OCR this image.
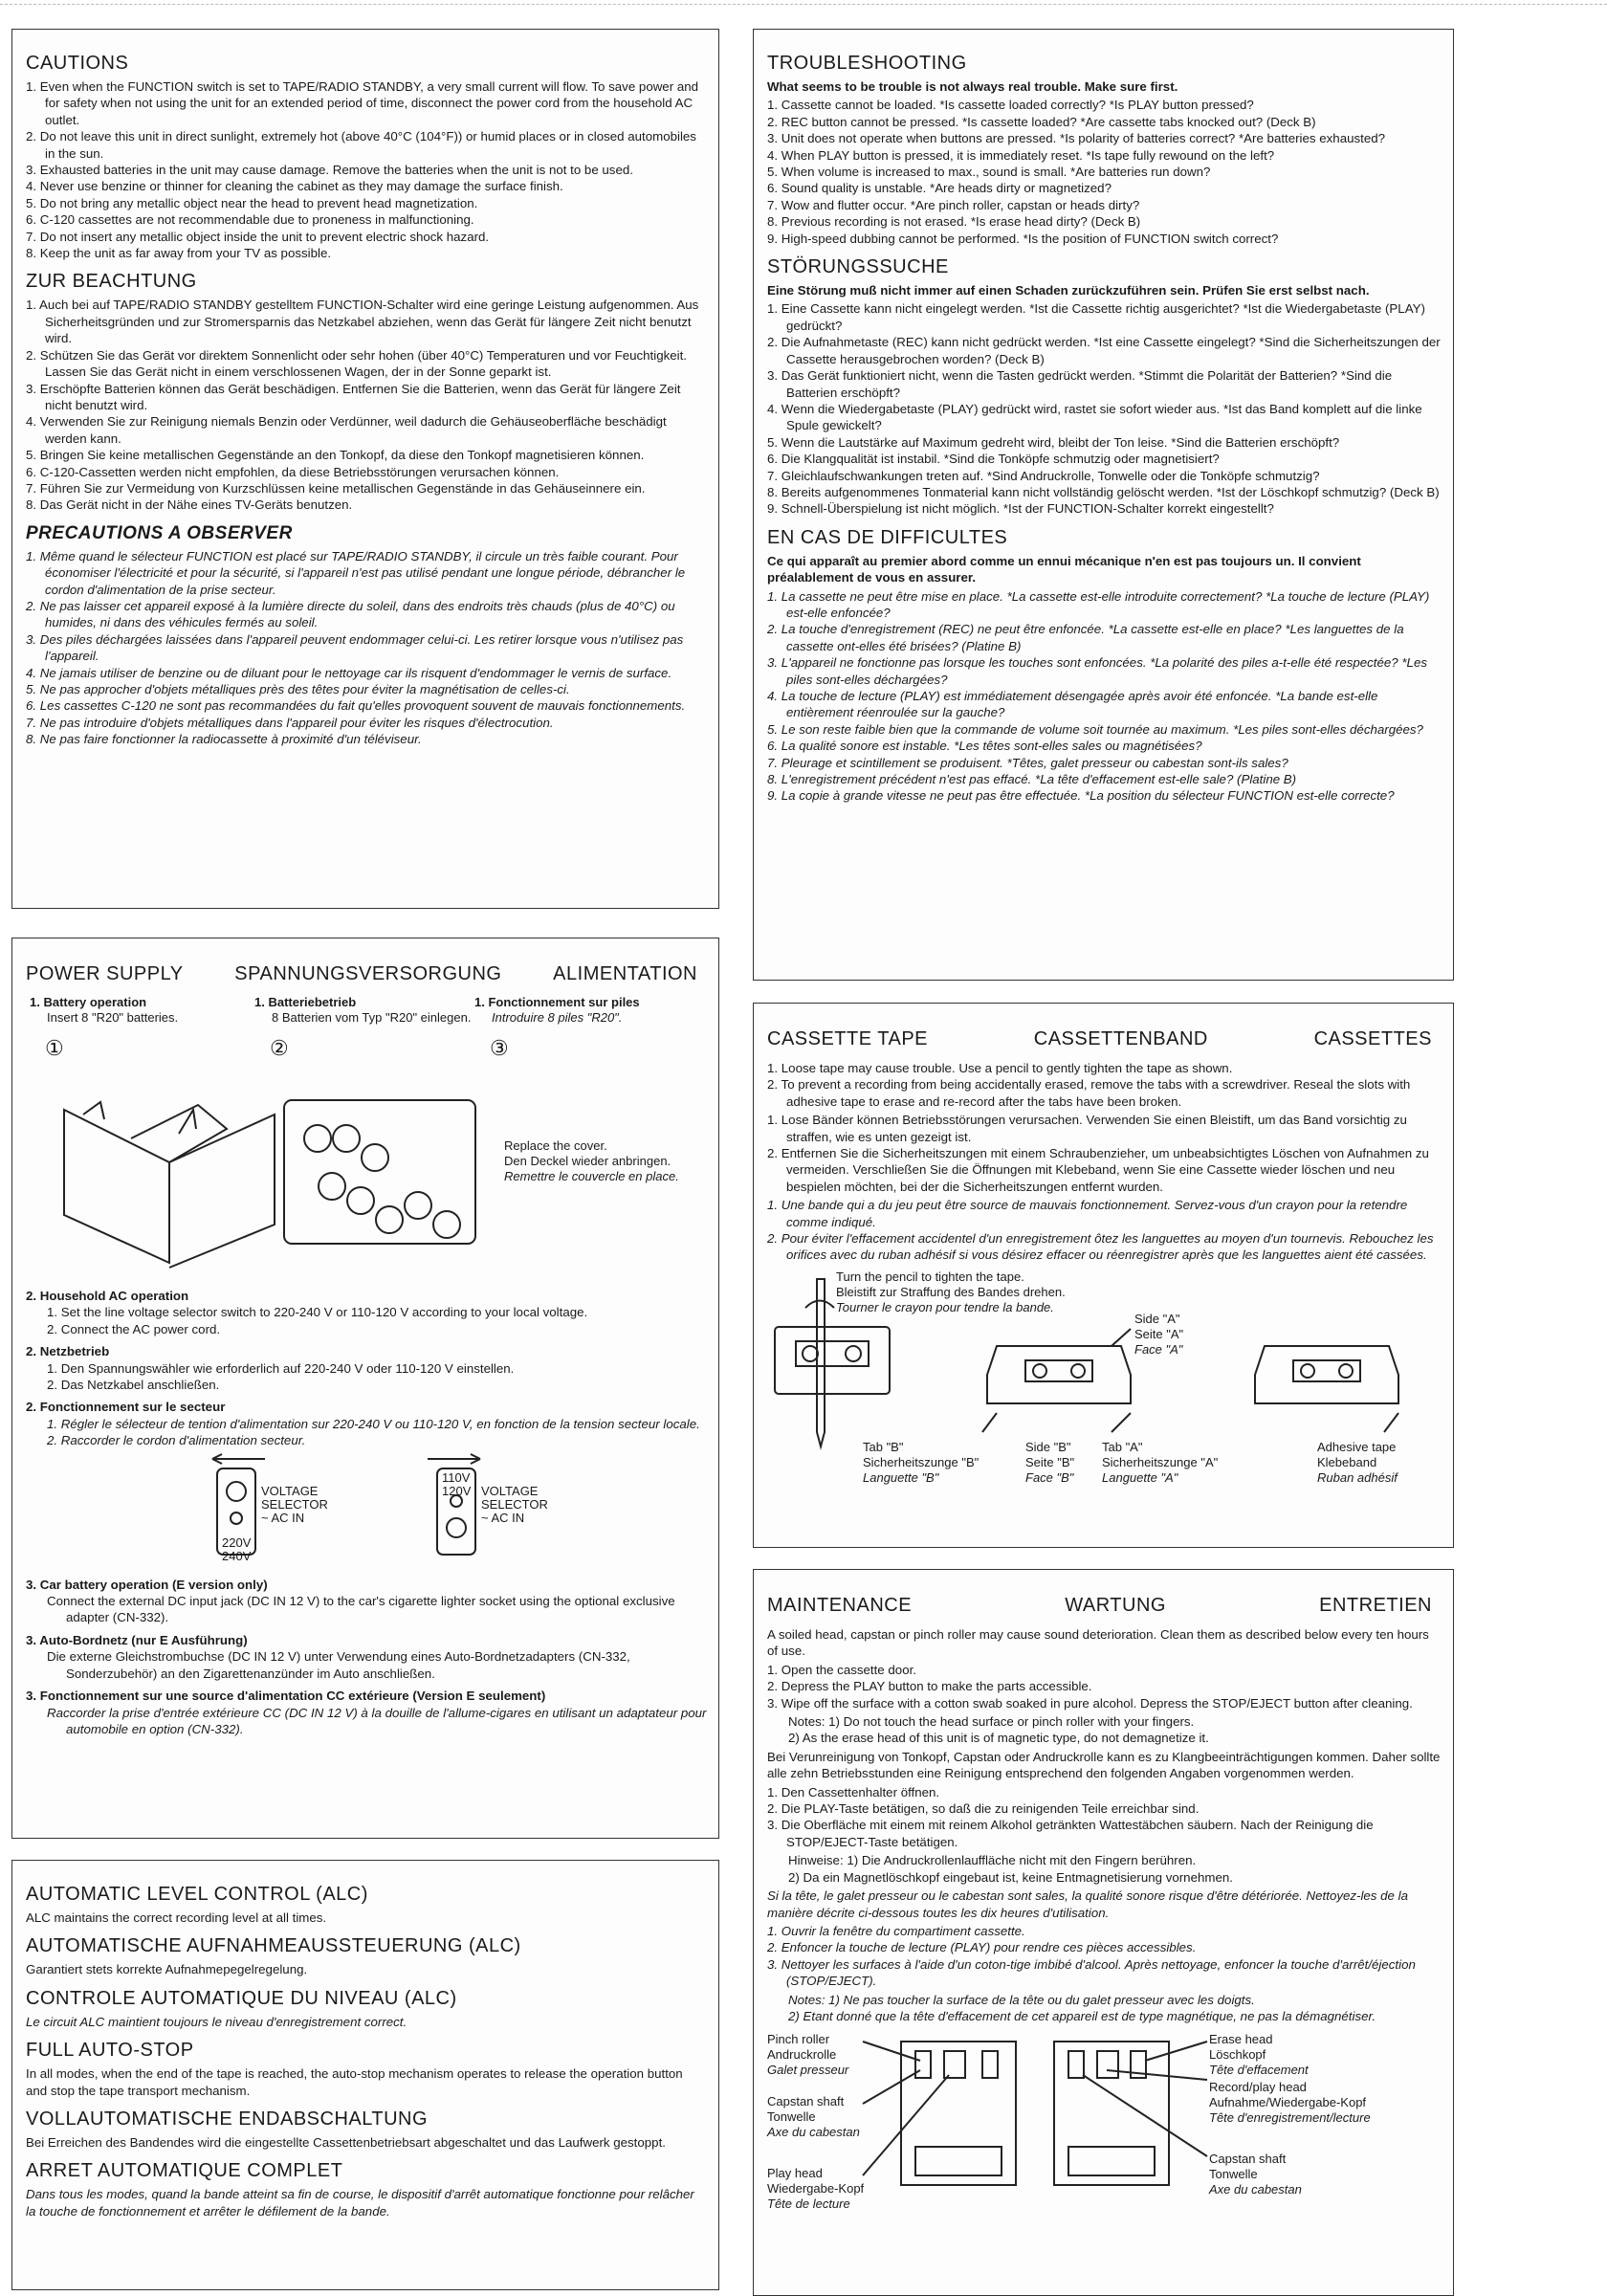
CAUTIONS
1. Even when the FUNCTION switch is set to TAPE/RADIO STANDBY, a very small current will flow. To save power and for safety when not using the unit for an extended period of time, disconnect the power cord from the household AC outlet.
2. Do not leave this unit in direct sunlight, extremely hot (above 40°C (104°F)) or humid places or in closed automobiles in the sun.
3. Exhausted batteries in the unit may cause damage. Remove the batteries when the unit is not to be used.
4. Never use benzine or thinner for cleaning the cabinet as they may damage the surface finish.
5. Do not bring any metallic object near the head to prevent head magnetization.
6. C-120 cassettes are not recommendable due to proneness in malfunctioning.
7. Do not insert any metallic object inside the unit to prevent electric shock hazard.
8. Keep the unit as far away from your TV as possible.
ZUR BEACHTUNG
1. Auch bei auf TAPE/RADIO STANDBY gestelltem FUNCTION-Schalter wird eine geringe Leistung aufgenommen. Aus Sicherheitsgründen und zur Stromersparnis das Netzkabel abziehen, wenn das Gerät für längere Zeit nicht benutzt wird.
2. Schützen Sie das Gerät vor direktem Sonnenlicht oder sehr hohen (über 40°C) Temperaturen und vor Feuchtigkeit. Lassen Sie das Gerät nicht in einem verschlossenen Wagen, der in der Sonne geparkt ist.
3. Erschöpfte Batterien können das Gerät beschädigen. Entfernen Sie die Batterien, wenn das Gerät für längere Zeit nicht benutzt wird.
4. Verwenden Sie zur Reinigung niemals Benzin oder Verdünner, weil dadurch die Gehäuseoberfläche beschädigt werden kann.
5. Bringen Sie keine metallischen Gegenstände an den Tonkopf, da diese den Tonkopf magnetisieren können.
6. C-120-Cassetten werden nicht empfohlen, da diese Betriebsstörungen verursachen können.
7. Führen Sie zur Vermeidung von Kurzschlüssen keine metallischen Gegenstände in das Gehäuseinnere ein.
8. Das Gerät nicht in der Nähe eines TV-Geräts benutzen.
PRECAUTIONS A OBSERVER
1. Même quand le sélecteur FUNCTION est placé sur TAPE/RADIO STANDBY, il circule un très faible courant. Pour économiser l'électricité et pour la sécurité, si l'appareil n'est pas utilisé pendant une longue période, débrancher le cordon d'alimentation de la prise secteur.
2. Ne pas laisser cet appareil exposé à la lumière directe du soleil, dans des endroits très chauds (plus de 40°C) ou humides, ni dans des véhicules fermés au soleil.
3. Des piles déchargées laissées dans l'appareil peuvent endommager celui-ci. Les retirer lorsque vous n'utilisez pas l'appareil.
4. Ne jamais utiliser de benzine ou de diluant pour le nettoyage car ils risquent d'endommager le vernis de surface.
5. Ne pas approcher d'objets métalliques près des têtes pour éviter la magnétisation de celles-ci.
6. Les cassettes C-120 ne sont pas recommandées du fait qu'elles provoquent souvent de mauvais fonctionnements.
7. Ne pas introduire d'objets métalliques dans l'appareil pour éviter les risques d'électrocution.
8. Ne pas faire fonctionner la radiocassette à proximité d'un téléviseur.
POWER SUPPLY	SPANNUNGSVERSORGUNG	ALIMENTATION
1. Battery operation
Insert 8 "R20" batteries.
①
1. Batteriebetrieb
8 Batterien vom Typ "R20" einlegen.
②
1. Fonctionnement sur piles
Introduire 8 piles "R20".
③
Replace the cover.
Den Deckel wieder anbringen.
Remettre le couvercle en place.
2. Household AC operation
1. Set the line voltage selector switch to 220-240 V or 110-120 V according to your local voltage.
2. Connect the AC power cord.
2. Netzbetrieb
1. Den Spannungswähler wie erforderlich auf 220-240 V oder 110-120 V einstellen.
2. Das Netzkabel anschließen.
2. Fonctionnement sur le secteur
1. Régler le sélecteur de tention d'alimentation sur 220-240 V ou 110-120 V, en fonction de la tension secteur locale.
2. Raccorder le cordon d'alimentation secteur.
VOLTAGE
SELECTOR
~ AC IN
220V
240V
110V
120V VOLTAGE
SELECTOR
~ AC IN
3. Car battery operation (E version only)
Connect the external DC input jack (DC IN 12 V) to the car's cigarette lighter socket using the optional exclusive adapter (CN-332).
3. Auto-Bordnetz (nur E Ausführung)
Die externe Gleichstrombuchse (DC IN 12 V) unter Verwendung eines Auto-Bordnetzadapters (CN-332, Sonderzubehör) an den Zigarettenanzünder im Auto anschließen.
3. Fonctionnement sur une source d'alimentation CC extérieure (Version E seulement)
Raccorder la prise d'entrée extérieure CC (DC IN 12 V) à la douille de l'allume-cigares en utilisant un adaptateur pour automobile en option (CN-332).
AUTOMATIC LEVEL CONTROL (ALC)

ALC maintains the correct recording level at all times.

AUTOMATISCHE AUFNAHMEAUSSTEUERUNG (ALC)

Garantiert stets korrekte Aufnahmepegelregelung.

CONTROLE AUTOMATIQUE DU NIVEAU (ALC)

Le circuit ALC maintient toujours le niveau d'enregistrement correct.

FULL AUTO-STOP

In all modes, when the end of the tape is reached, the auto-stop mechanism operates to release the operation button and stop the tape transport mechanism.

VOLLAUTOMATISCHE ENDABSCHALTUNG

Bei Erreichen des Bandendes wird die eingestellte Cassettenbetriebsart abgeschaltet und das Laufwerk gestoppt.

ARRET AUTOMATIQUE COMPLET

Dans tous les modes, quand la bande atteint sa fin de course, le dispositif d'arrêt automatique fonctionne pour relâcher la touche de fonctionnement et arrêter le défilement de la bande.

TROUBLESHOOTING

What seems to be trouble is not always real trouble. Make sure first.

1. Cassette cannot be loaded. *Is cassette loaded correctly? *Is PLAY button pressed?
2. REC button cannot be pressed. *Is cassette loaded? *Are cassette tabs knocked out? (Deck B)
3. Unit does not operate when buttons are pressed. *Is polarity of batteries correct? *Are batteries exhausted?
4. When PLAY button is pressed, it is immediately reset. *Is tape fully rewound on the left?
5. When volume is increased to max., sound is small. *Are batteries run down?
6. Sound quality is unstable. *Are heads dirty or magnetized?
7. Wow and flutter occur. *Are pinch roller, capstan or heads dirty?
8. Previous recording is not erased. *Is erase head dirty? (Deck B)
9. High-speed dubbing cannot be performed. *Is the position of FUNCTION switch correct?
STÖRUNGSSUCHE

Eine Störung muß nicht immer auf einen Schaden zurückzuführen sein. Prüfen Sie erst selbst nach.

1. Eine Cassette kann nicht eingelegt werden. *Ist die Cassette richtig ausgerichtet? *Ist die Wiedergabetaste (PLAY) gedrückt?
2. Die Aufnahmetaste (REC) kann nicht gedrückt werden. *Ist eine Cassette eingelegt? *Sind die Sicherheitszungen der Cassette herausgebrochen worden? (Deck B)
3. Das Gerät funktioniert nicht, wenn die Tasten gedrückt werden. *Stimmt die Polarität der Batterien? *Sind die Batterien erschöpft?
4. Wenn die Wiedergabetaste (PLAY) gedrückt wird, rastet sie sofort wieder aus. *Ist das Band komplett auf die linke Spule gewickelt?
5. Wenn die Lautstärke auf Maximum gedreht wird, bleibt der Ton leise. *Sind die Batterien erschöpft?
6. Die Klangqualität ist instabil. *Sind die Tonköpfe schmutzig oder magnetisiert?
7. Gleichlaufschwankungen treten auf. *Sind Andruckrolle, Tonwelle oder die Tonköpfe schmutzig?
8. Bereits aufgenommenes Tonmaterial kann nicht vollständig gelöscht werden. *Ist der Löschkopf schmutzig? (Deck B)
9. Schnell-Überspielung ist nicht möglich. *Ist der FUNCTION-Schalter korrekt eingestellt?
EN CAS DE DIFFICULTES

Ce qui apparaît au premier abord comme un ennui mécanique n'en est pas toujours un. Il convient préalablement de vous en assurer.

1. La cassette ne peut être mise en place. *La cassette est-elle introduite correctement? *La touche de lecture (PLAY) est-elle enfoncée?
2. La touche d'enregistrement (REC) ne peut être enfoncée. *La cassette est-elle en place? *Les languettes de la cassette ont-elles été brisées? (Platine B)
3. L'appareil ne fonctionne pas lorsque les touches sont enfoncées. *La polarité des piles a-t-elle été respectée? *Les piles sont-elles déchargées?
4. La touche de lecture (PLAY) est immédiatement désengagée après avoir été enfoncée. *La bande est-elle entièrement réenroulée sur la gauche?
5. Le son reste faible bien que la commande de volume soit tournée au maximum. *Les piles sont-elles déchargées?
6. La qualité sonore est instable. *Les têtes sont-elles sales ou magnétisées?
7. Pleurage et scintillement se produisent. *Têtes, galet presseur ou cabestan sont-ils sales?
8. L'enregistrement précédent n'est pas effacé. *La tête d'effacement est-elle sale? (Platine B)
9. La copie à grande vitesse ne peut pas être effectuée. *La position du sélecteur FUNCTION est-elle correcte?
CASSETTE TAPE	CASSETTENBAND	CASSETTES
1. Loose tape may cause trouble. Use a pencil to gently tighten the tape as shown.
2. To prevent a recording from being accidentally erased, remove the tabs with a screwdriver. Reseal the slots with adhesive tape to erase and re-record after the tabs have been broken.
1. Lose Bänder können Betriebsstörungen verursachen. Verwenden Sie einen Bleistift, um das Band vorsichtig zu straffen, wie es unten gezeigt ist.
2. Entfernen Sie die Sicherheitszungen mit einem Schraubenzieher, um unbeabsichtigtes Löschen von Aufnahmen zu vermeiden. Verschließen Sie die Öffnungen mit Klebeband, wenn Sie eine Cassette wieder löschen und neu bespielen möchten, bei der die Sicherheitszungen entfernt wurden.
1. Une bande qui a du jeu peut être source de mauvais fonctionnement. Servez-vous d'un crayon pour la retendre comme indiqué.
2. Pour éviter l'effacement accidentel d'un enregistrement ôtez les languettes au moyen d'un tournevis. Rebouchez les orifices avec du ruban adhésif si vous désirez effacer ou réenregistrer après que les languettes aient été cassées.
Turn the pencil to tighten the tape.
Bleistift zur Straffung des Bandes drehen.
Tourner le crayon pour tendre la bande.
Side "A"
Seite "A"
Face "A"
Tab "B"
Sicherheitszunge "B"
Languette "B"
Side "B"
Seite "B"
Face "B"
Tab "A"
Sicherheitszunge "A"
Languette "A"
Adhesive tape
Klebeband
Ruban adhésif
MAINTENANCE	WARTUNG	ENTRETIEN

A soiled head, capstan or pinch roller may cause sound deterioration. Clean them as described below every ten hours of use.

1. Open the cassette door.
2. Depress the PLAY button to make the parts accessible.
3. Wipe off the surface with a cotton swab soaked in pure alcohol. Depress the STOP/EJECT button after cleaning.
Notes: 1) Do not touch the head surface or pinch roller with your fingers.
2) As the erase head of this unit is of magnetic type, do not demagnetize it.

Bei Verunreinigung von Tonkopf, Capstan oder Andruckrolle kann es zu Klangbeeinträchtigungen kommen. Daher sollte alle zehn Betriebsstunden eine Reinigung entsprechend den folgenden Angaben vorgenommen werden.

1. Den Cassettenhalter öffnen.
2. Die PLAY-Taste betätigen, so daß die zu reinigenden Teile erreichbar sind.
3. Die Oberfläche mit einem mit reinem Alkohol getränkten Wattestäbchen säubern. Nach der Reinigung die STOP/EJECT-Taste betätigen.
Hinweise: 1) Die Andruckrollenlauffläche nicht mit den Fingern berühren.
2) Da ein Magnetlöschkopf eingebaut ist, keine Entmagnetisierung vornehmen.

Si la tête, le galet presseur ou le cabestan sont sales, la qualité sonore risque d'être détériorée. Nettoyez-les de la manière décrite ci-dessous toutes les dix heures d'utilisation.

1. Ouvrir la fenêtre du compartiment cassette.
2. Enfoncer la touche de lecture (PLAY) pour rendre ces pièces accessibles.
3. Nettoyer les surfaces à l'aide d'un coton-tige imbibé d'alcool. Après nettoyage, enfoncer la touche d'arrêt/éjection (STOP/EJECT).
Notes: 1) Ne pas toucher la surface de la tête ou du galet presseur avec les doigts.
2) Etant donné que la tête d'effacement de cet appareil est de type magnétique, ne pas la démagnétiser.
Pinch roller
Andruckrolle
Galet presseur
Capstan shaft
Tonwelle
Axe du cabestan
Play head
Wiedergabe-Kopf
Tête de lecture
Erase head
Löschkopf
Tête d'effacement
Record/play head
Aufnahme/Wiedergabe-Kopf
Tête d'enregistrement/lecture
Capstan shaft
Tonwelle
Axe du cabestan
